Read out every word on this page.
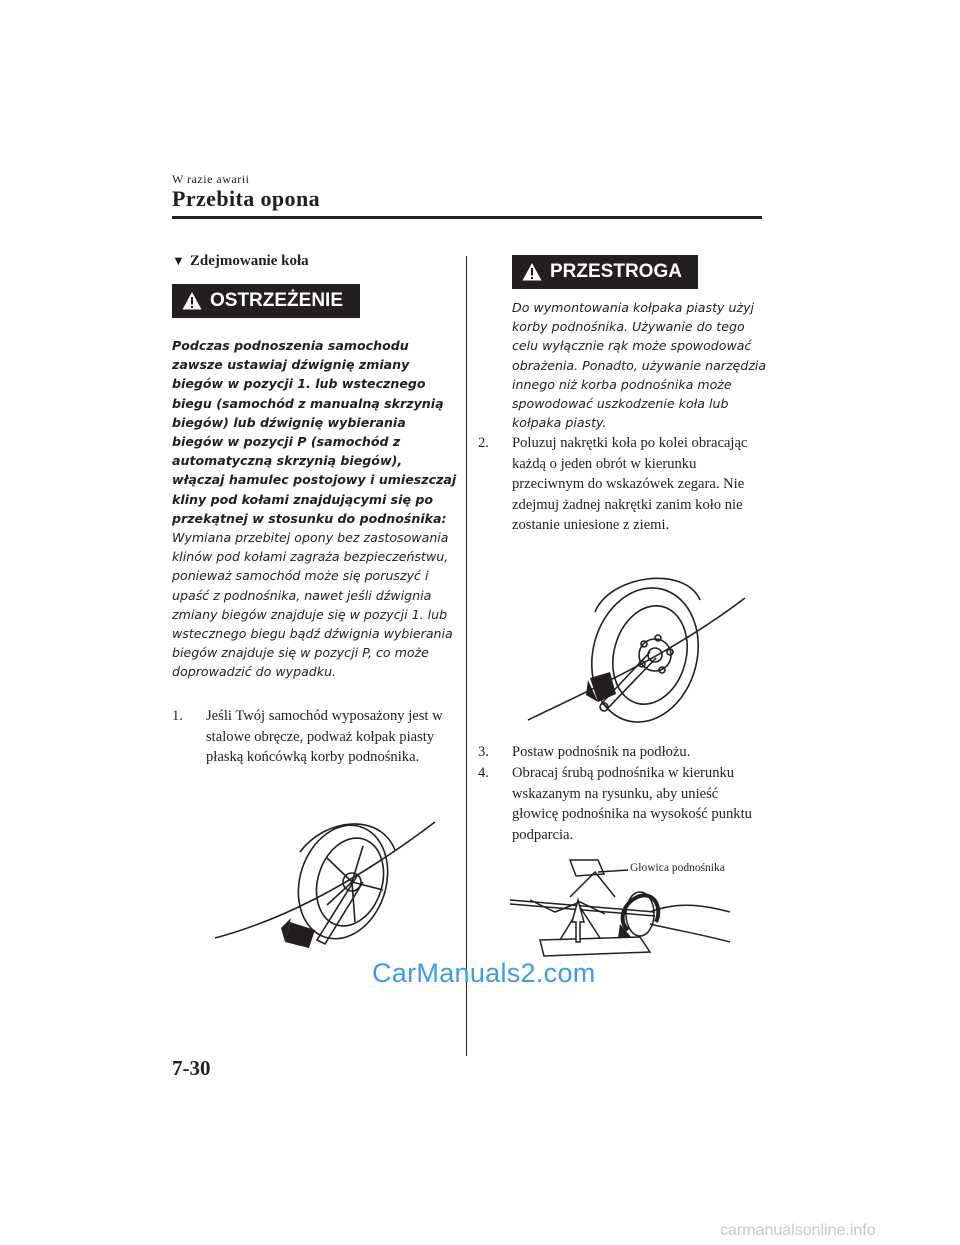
W razie awarii
Przebita opona
▼ Zdejmowanie koła
OSTRZEŻENIE
Podczas podnoszenia samochodu zawsze ustawiaj dźwignię zmiany biegów w pozycji 1. lub wstecznego biegu (samochód z manualną skrzynią biegów) lub dźwignię wybierania biegów w pozycji P (samochód z automatyczną skrzynią biegów), włączaj hamulec postojowy i umieszczaj kliny pod kołami znajdującymi się po przekątnej w stosunku do podnośnika:
Wymiana przebitej opony bez zastosowania klinów pod kołami zagraża bezpieczeństwu, ponieważ samochód może się poruszyć i upaść z podnośnika, nawet jeśli dźwignia zmiany biegów znajduje się w pozycji 1. lub wstecznego biegu bądź dźwignia wybierania biegów znajduje się w pozycji P, co może doprowadzić do wypadku.
1. Jeśli Twój samochód wyposażony jest w stalowe obręcze, podważ kołpak piasty płaską końcówką korby podnośnika.
PRZESTROGA
Do wymontowania kołpaka piasty użyj korby podnośnika. Używanie do tego celu wyłącznie rąk może spowodować obrażenia. Ponadto, używanie narzędzia innego niż korba podnośnika może spowodować uszkodzenie koła lub kołpaka piasty.
2. Poluzuj nakrętki koła po kolei obracając każdą o jeden obrót w kierunku przeciwnym do wskazówek zegara. Nie zdejmuj żadnej nakrętki zanim koło nie zostanie uniesione z ziemi.
3. Postaw podnośnik na podłożu.
4. Obracaj śrubą podnośnika w kierunku wskazanym na rysunku, aby unieść głowicę podnośnika na wysokość punktu podparcia.
Głowica podnośnika
CarManuals2.com
7-30
carmanualsonline.info
